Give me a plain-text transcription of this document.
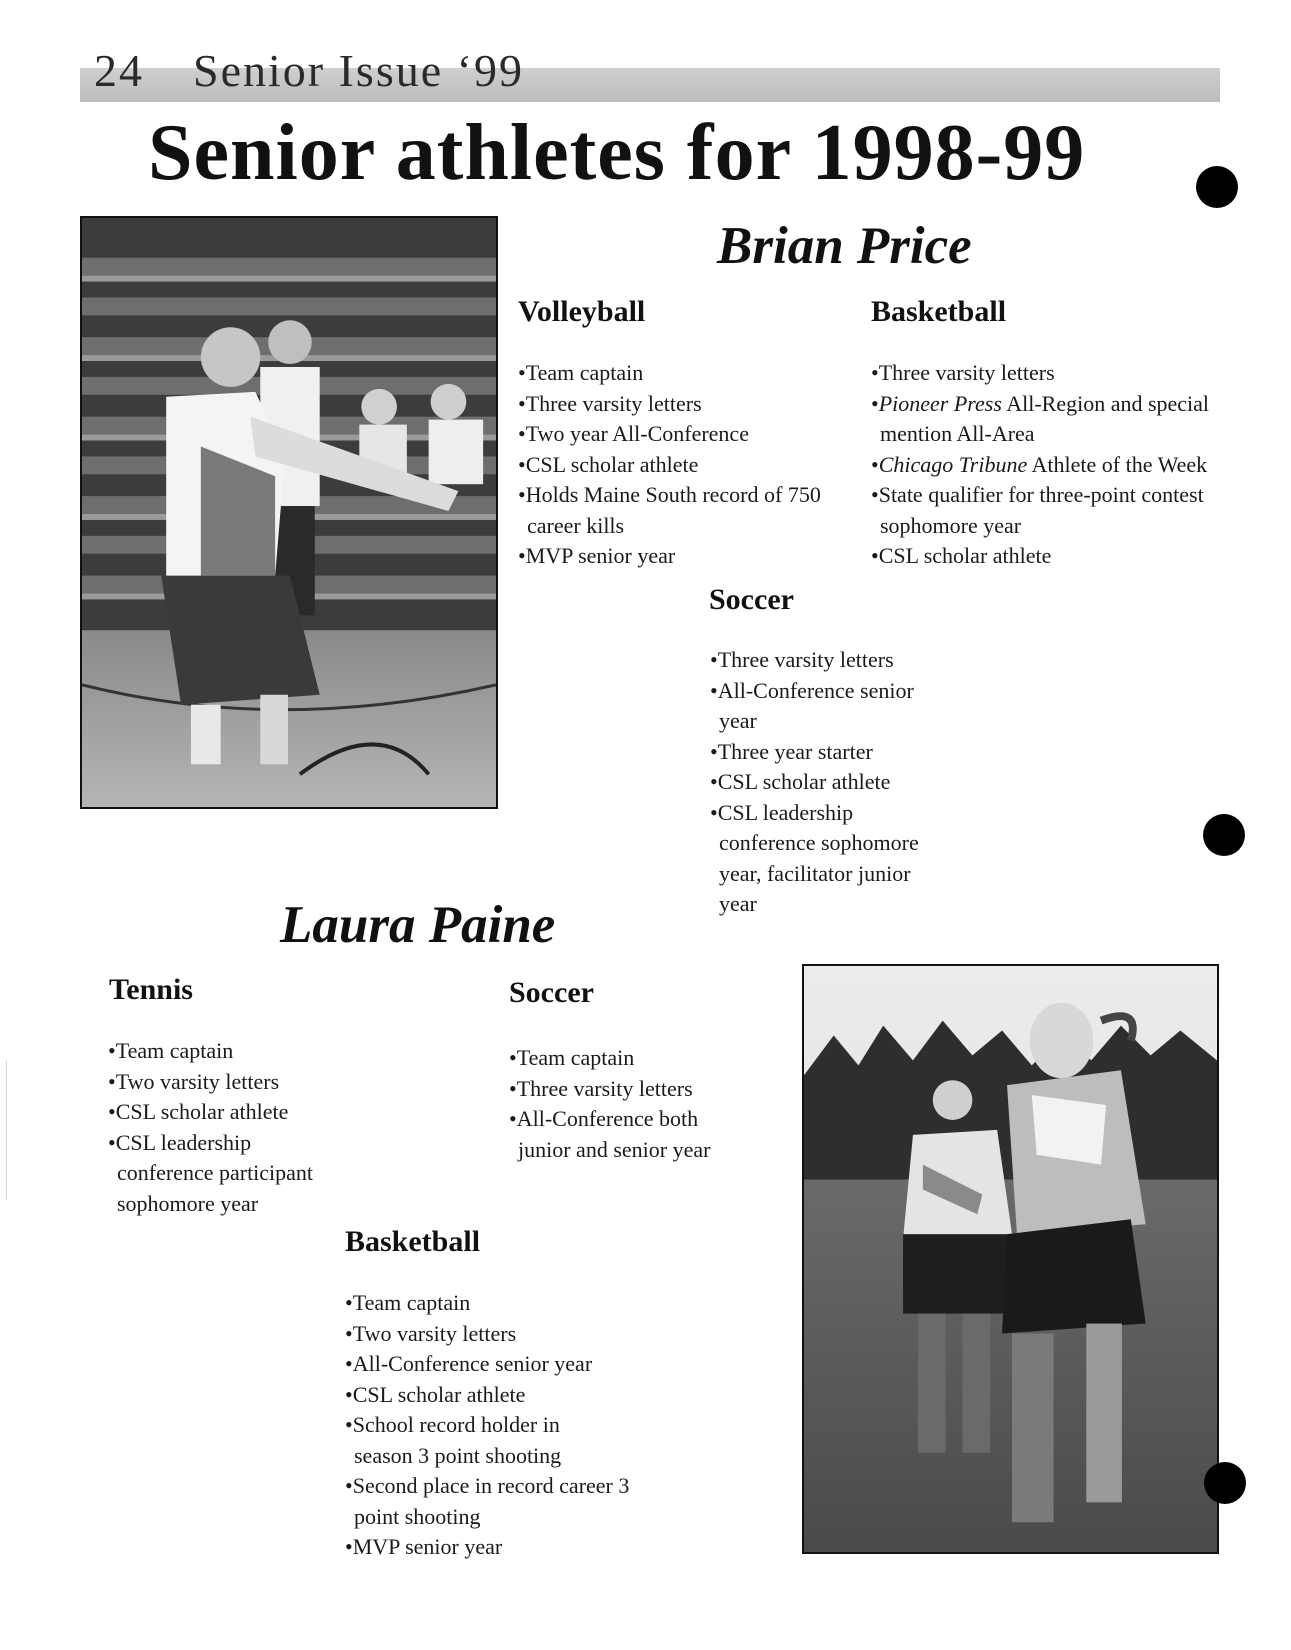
24 Senior Issue ‘99
Senior athletes for 1998-99
Brian Price
Volleyball
• Team captain
• Three varsity letters
• Two year All-Conference
• CSL scholar athlete
• Holds Maine South record of 750 career kills
• MVP senior year
Basketball
• Three varsity letters
• Pioneer Press All-Region and special mention All-Area
• Chicago Tribune Athlete of the Week
• State qualifier for three-point contest sophomore year
• CSL scholar athlete
Soccer
• Three varsity letters
• All-Conference senior year
• Three year starter
• CSL scholar athlete
• CSL leadership conference sophomore year, facilitator junior year
Laura Paine
Tennis
• Team captain
• Two varsity letters
• CSL scholar athlete
• CSL leadership conference participant sophomore year
Soccer
• Team captain
• Three varsity letters
• All-Conference both junior and senior year
Basketball
• Team captain
• Two varsity letters
• All-Conference senior year
• CSL scholar athlete
• School record holder in season 3 point shooting
• Second place in record career 3 point shooting
• MVP senior year
